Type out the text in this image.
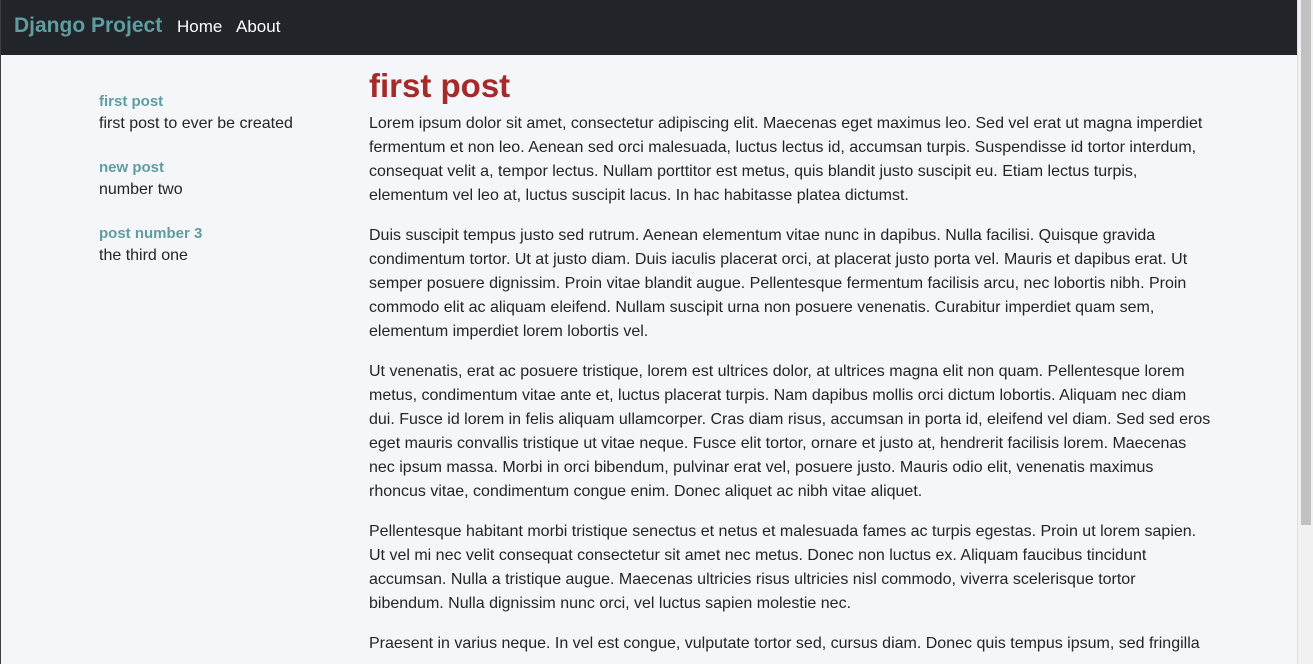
Django Project Home About
first post
first post to ever be created
new post
number two
post number 3
the third one
first post

Lorem ipsum dolor sit amet, consectetur adipiscing elit. Maecenas eget maximus leo. Sed vel erat ut magna imperdiet fermentum et non leo. Aenean sed orci malesuada, luctus lectus id, accumsan turpis. Suspendisse id tortor interdum, consequat velit a, tempor lectus. Nullam porttitor est metus, quis blandit justo suscipit eu. Etiam lectus turpis, elementum vel leo at, luctus suscipit lacus. In hac habitasse platea dictumst.

Duis suscipit tempus justo sed rutrum. Aenean elementum vitae nunc in dapibus. Nulla facilisi. Quisque gravida condimentum tortor. Ut at justo diam. Duis iaculis placerat orci, at placerat justo porta vel. Mauris et dapibus erat. Ut semper posuere dignissim. Proin vitae blandit augue. Pellentesque fermentum facilisis arcu, nec lobortis nibh. Proin commodo elit ac aliquam eleifend. Nullam suscipit urna non posuere venenatis. Curabitur imperdiet quam sem, elementum imperdiet lorem lobortis vel.

Ut venenatis, erat ac posuere tristique, lorem est ultrices dolor, at ultrices magna elit non quam. Pellentesque lorem metus, condimentum vitae ante et, luctus placerat turpis. Nam dapibus mollis orci dictum lobortis. Aliquam nec diam dui. Fusce id lorem in felis aliquam ullamcorper. Cras diam risus, accumsan in porta id, eleifend vel diam. Sed sed eros eget mauris convallis tristique ut vitae neque. Fusce elit tortor, ornare et justo at, hendrerit facilisis lorem. Maecenas nec ipsum massa. Morbi in orci bibendum, pulvinar erat vel, posuere justo. Mauris odio elit, venenatis maximus rhoncus vitae, condimentum congue enim. Donec aliquet ac nibh vitae aliquet.

Pellentesque habitant morbi tristique senectus et netus et malesuada fames ac turpis egestas. Proin ut lorem sapien. Ut vel mi nec velit consequat consectetur sit amet nec metus. Donec non luctus ex. Aliquam faucibus tincidunt accumsan. Nulla a tristique augue. Maecenas ultricies risus ultricies nisl commodo, viverra scelerisque tortor bibendum. Nulla dignissim nunc orci, vel luctus sapien molestie nec.

Praesent in varius neque. In vel est congue, vulputate tortor sed, cursus diam. Donec quis tempus ipsum, sed fringilla
